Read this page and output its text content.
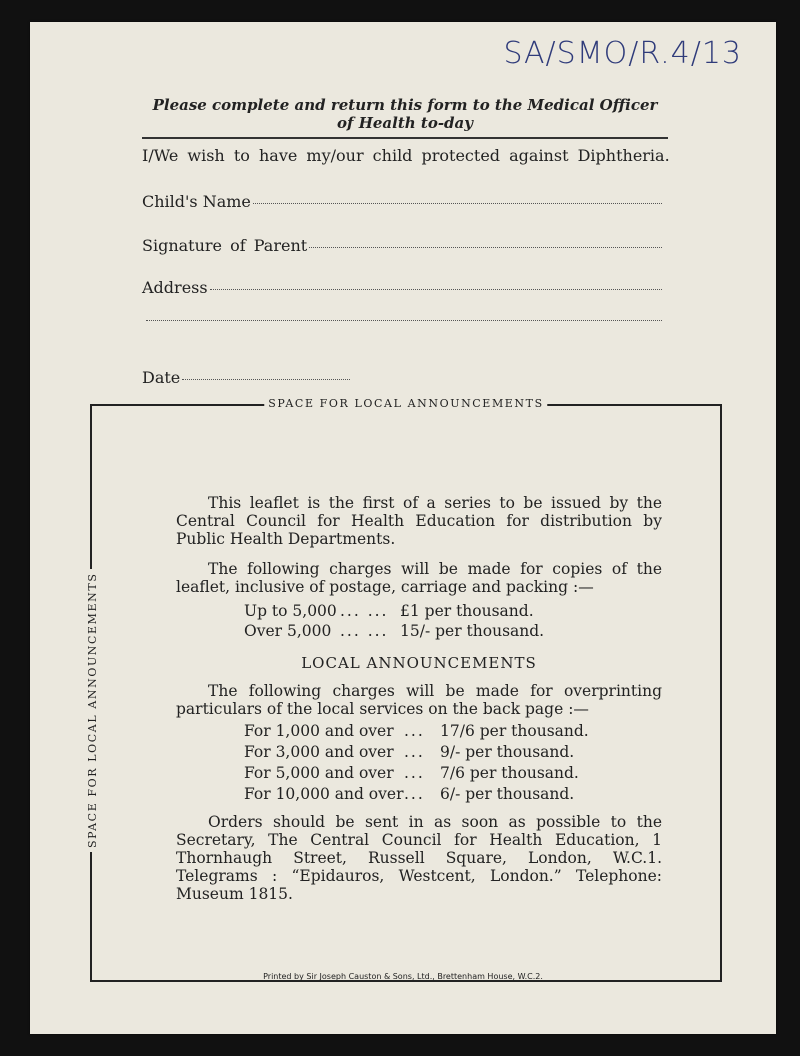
SA/SMO/R.4/13
Please complete and return this form to the Medical Officer of Health to-day
I/We wish to have my/our child protected against Diphtheria.
Child's Name
Signature of Parent
Address
Date
SPACE FOR LOCAL ANNOUNCEMENTS

This leaflet is the first of a series to be issued by the Central Council for Health Education for distribution by Public Health Departments.

The following charges will be made for copies of the leaflet, inclusive of postage, carriage and packing :—

Up to 5,000 ... ... £1 per thousand.
Over 5,000 ... ... 15/- per thousand.
LOCAL ANNOUNCEMENTS

The following charges will be made for overprinting particulars of the local services on the back page :—

For 1,000 and over ... 17/6 per thousand.
For 3,000 and over ... 9/- per thousand.
For 5,000 and over ... 7/6 per thousand.
For 10,000 and over ... 6/- per thousand.

Orders should be sent in as soon as possible to the Secretary, The Central Council for Health Education, 1 Thornhaugh Street, Russell Square, London, W.C.1. Telegrams : “Epidauros, Westcent, London.” Telephone: Museum 1815.

SPACE FOR LOCAL ANNOUNCEMENTS
Printed by Sir Joseph Causton & Sons, Ltd., Brettenham House, W.C.2.
